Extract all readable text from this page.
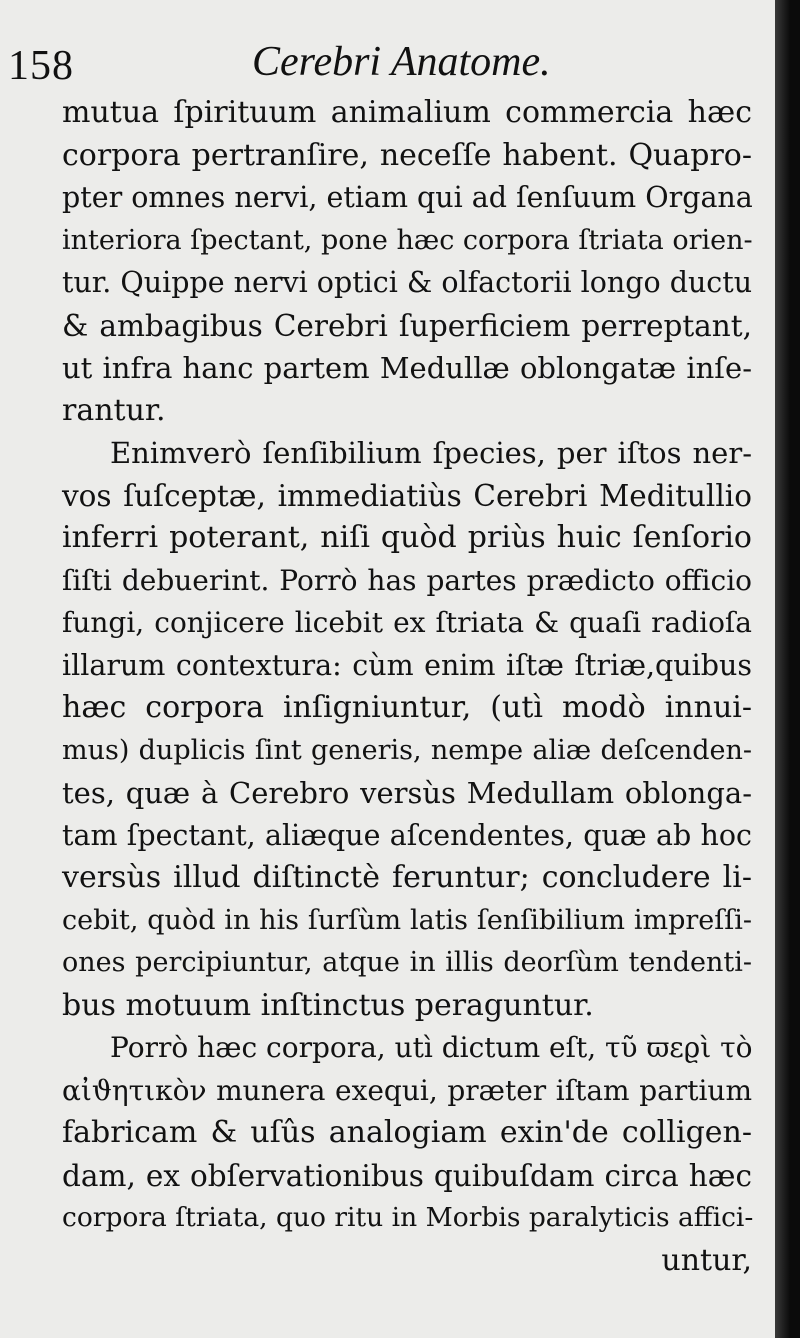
158	Cerebri Anatome.
mutua ſpirituum animalium commercia hæc
corpora pertranſire, neceſſe habent. Quapro-
pter omnes nervi, etiam qui ad ſenſuum Organa
interiora ſpectant, pone hæc corpora ſtriata orien-
tur. Quippe nervi optici & olfactorii longo ductu
& ambagibus Cerebri ſuperficiem perreptant,
ut infra hanc partem Medullæ oblongatæ inſe-
rantur.
Enimverò ſenſibilium ſpecies, per iſtos ner-
vos ſuſceptæ, immediatiùs Cerebri Meditullio
inferri poterant, niſi quòd priùs huic ſenſorio
ſiſti debuerint. Porrò has partes prædicto officio
fungi, conjicere licebit ex ſtriata & quaſi radioſa
illarum contextura: cùm enim iſtæ ſtriæ,quibus
hæc corpora inſigniuntur, (utì modò innui-
mus) duplicis ſint generis, nempe aliæ deſcenden-
tes, quæ à Cerebro versùs Medullam oblonga-
tam ſpectant, aliæque aſcendentes, quæ ab hoc
versùs illud diſtinctè feruntur; concludere li-
cebit, quòd in his ſurſùm latis ſenſibilium impreſſi-
ones percipiuntur, atque in illis deorſùm tendenti-
bus motuum inſtinctus peraguntur.
Porrò hæc corpora, utì dictum eſt, τῦ ϖεϱὶ τὸ
αἰϑητικὸν munera exequi, præter iſtam partium
fabricam & uſûs analogiam exin'de colligen-
dam, ex obſervationibus quibuſdam circa hæc
corpora ſtriata, quo ritu in Morbis paralyticis affici-
untur,
